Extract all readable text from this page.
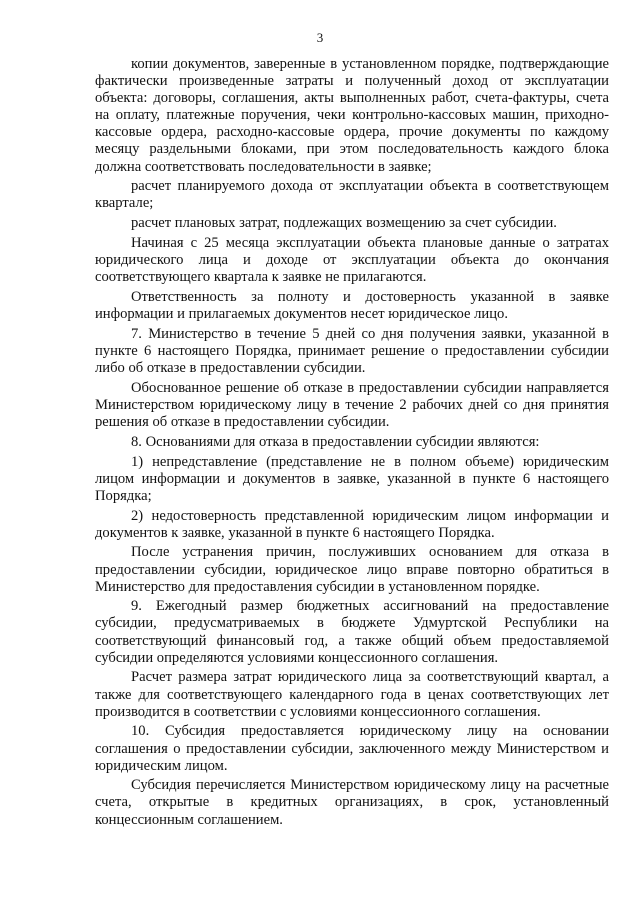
3

копии документов, заверенные в установленном порядке, подтверждающие фактически произведенные затраты и полученный доход от эксплуатации объекта: договоры, соглашения, акты выполненных работ, счета-фактуры, счета на оплату, платежные поручения, чеки контрольно-кассовых машин, приходно-кассовые ордера, расходно-кассовые ордера, прочие документы по каждому месяцу раздельными блоками, при этом последовательность каждого блока должна соответствовать последовательности в заявке;

расчет планируемого дохода от эксплуатации объекта в соответствующем квартале;

расчет плановых затрат, подлежащих возмещению за счет субсидии.

Начиная с 25 месяца эксплуатации объекта плановые данные о затратах юридического лица и доходе от эксплуатации объекта до окончания соответствующего квартала к заявке не прилагаются.

Ответственность за полноту и достоверность указанной в заявке информации и прилагаемых документов несет юридическое лицо.

7. Министерство в течение 5 дней со дня получения заявки, указанной в пункте 6 настоящего Порядка, принимает решение о предоставлении субсидии либо об отказе в предоставлении субсидии.

Обоснованное решение об отказе в предоставлении субсидии направляется Министерством юридическому лицу в течение 2 рабочих дней со дня принятия решения об отказе в предоставлении субсидии.

8. Основаниями для отказа в предоставлении субсидии являются:

1) непредставление (представление не в полном объеме) юридическим лицом информации и документов в заявке, указанной в пункте 6 настоящего Порядка;

2) недостоверность представленной юридическим лицом информации и документов к заявке, указанной в пункте 6 настоящего Порядка.

После устранения причин, послуживших основанием для отказа в предоставлении субсидии, юридическое лицо вправе повторно обратиться в Министерство для предоставления субсидии в установленном порядке.

9. Ежегодный размер бюджетных ассигнований на предоставление субсидии, предусматриваемых в бюджете Удмуртской Республики на соответствующий финансовый год, а также общий объем предоставляемой субсидии определяются условиями концессионного соглашения.

Расчет размера затрат юридического лица за соответствующий квартал, а также для соответствующего календарного года в ценах соответствующих лет производится в соответствии с условиями концессионного соглашения.

10. Субсидия предоставляется юридическому лицу на основании соглашения о предоставлении субсидии, заключенного между Министерством и юридическим лицом.

Субсидия перечисляется Министерством юридическому лицу на расчетные счета, открытые в кредитных организациях, в срок, установленный концессионным соглашением.
